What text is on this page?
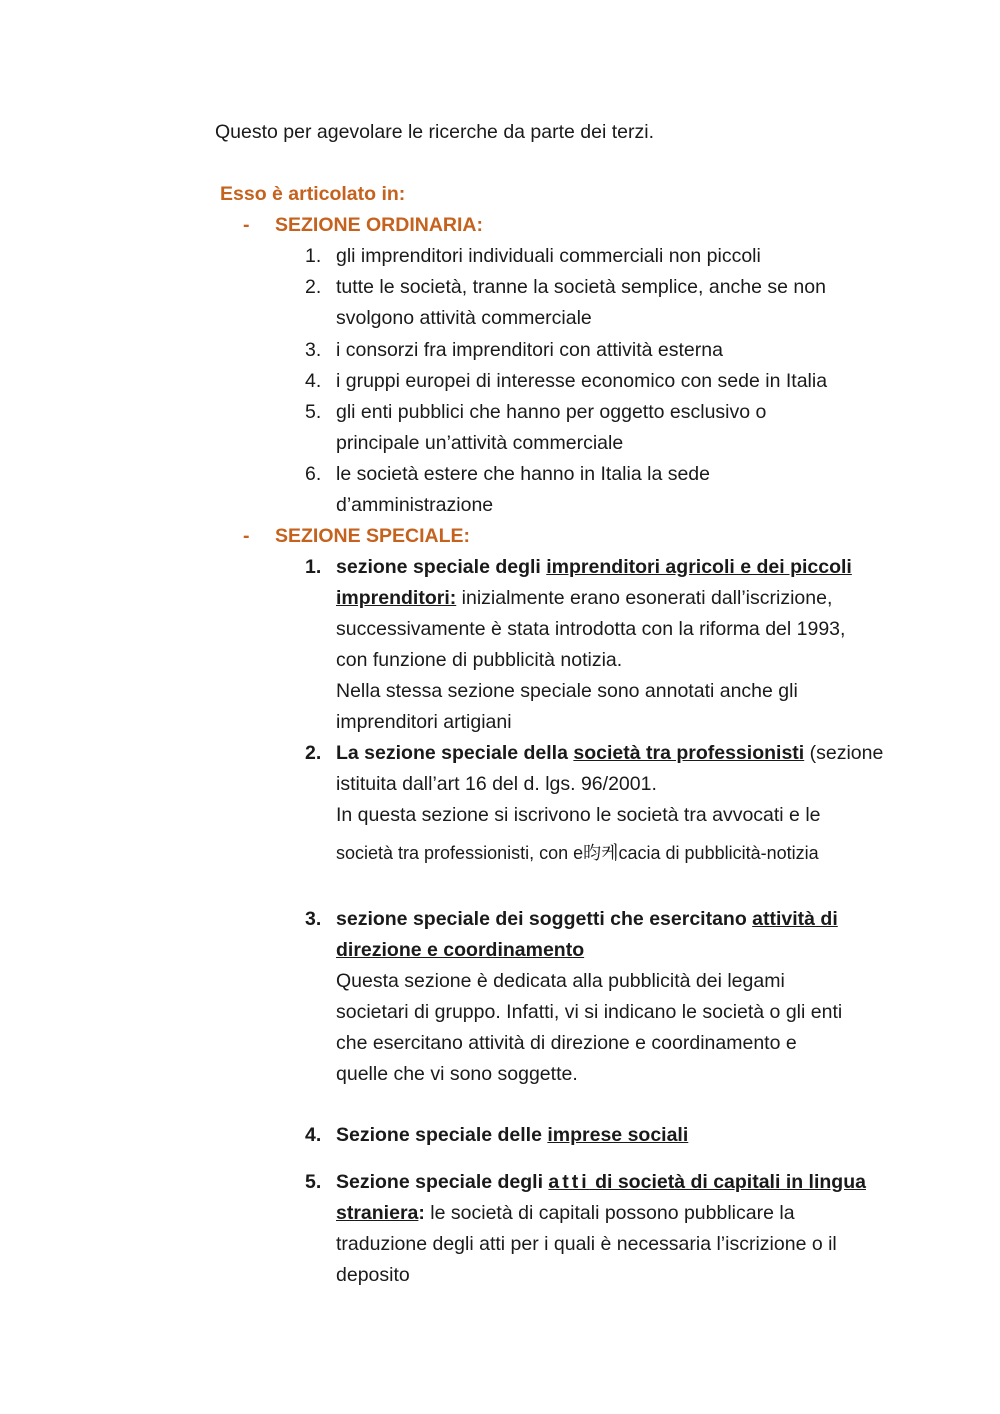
Questo per agevolare le ricerche da parte dei terzi.
Esso è articolato in:
- SEZIONE ORDINARIA:
1. gli imprenditori individuali commerciali non piccoli
2. tutte le società, tranne la società semplice, anche se non
svolgono attività commerciale
3. i consorzi fra imprenditori con attività esterna
4. i gruppi europei di interesse economico con sede in Italia
5. gli enti pubblici che hanno per oggetto esclusivo o
principale un’attività commerciale
6. le società estere che hanno in Italia la sede
d’amministrazione
- SEZIONE SPECIALE:
1. sezione speciale degli imprenditori agricoli e dei piccoli
imprenditori: inizialmente erano esonerati dall’iscrizione,
successivamente è stata introdotta con la riforma del 1993,
con funzione di pubblicità notizia.
Nella stessa sezione speciale sono annotati anche gli
imprenditori artigiani
2. La sezione speciale della società tra professionisti (sezione
istituita dall’art 16 del d. lgs. 96/2001.
In questa sezione si iscrivono le società tra avvocati e le
società tra professionisti, con e昀케cacia di pubblicità-notizia
3. sezione speciale dei soggetti che esercitano attività di
direzione e coordinamento
Questa sezione è dedicata alla pubblicità dei legami
societari di gruppo. Infatti, vi si indicano le società o gli enti
che esercitano attività di direzione e coordinamento e
quelle che vi sono soggette.
4. Sezione speciale delle imprese sociali
5. Sezione speciale degli atti di società di capitali in lingua
straniera: le società di capitali possono pubblicare la
traduzione degli atti per i quali è necessaria l’iscrizione o il
deposito
